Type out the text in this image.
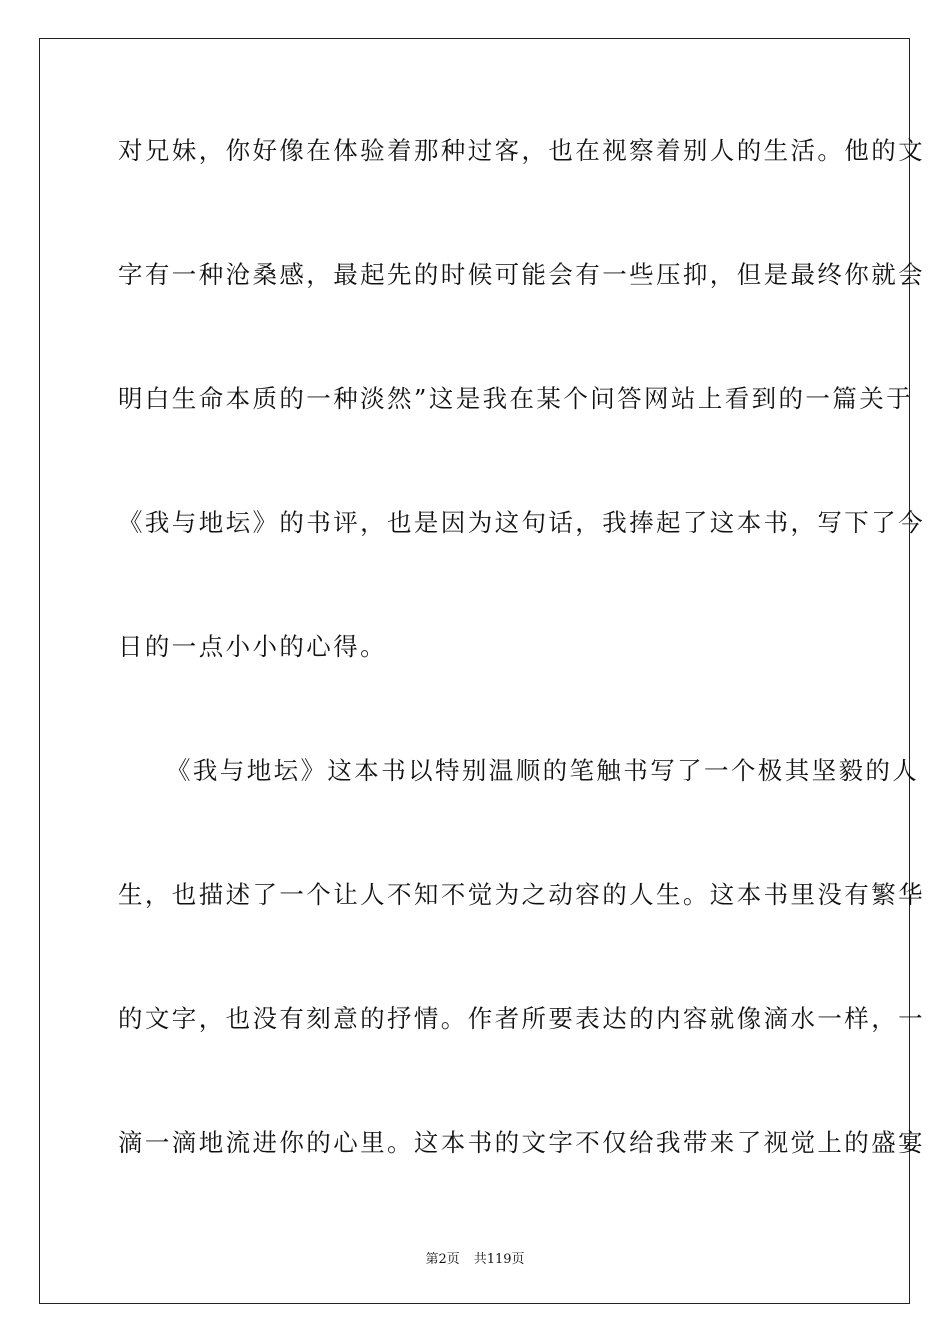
对兄妹，你好像在体验着那种过客，也在视察着别人的生活。他的文
字有一种沧桑感，最起先的时候可能会有一些压抑，但是最终你就会
明白生命本质的一种淡然”这是我在某个问答网站上看到的一篇关于
《我与地坛》的书评，也是因为这句话，我捧起了这本书，写下了今
日的一点小小的心得。
《我与地坛》这本书以特别温顺的笔触书写了一个极其坚毅的人
生，也描述了一个让人不知不觉为之动容的人生。这本书里没有繁华
的文字，也没有刻意的抒情。作者所要表达的内容就像滴水一样，一
滴一滴地流进你的心里。这本书的文字不仅给我带来了视觉上的盛宴
第2页 共119页
